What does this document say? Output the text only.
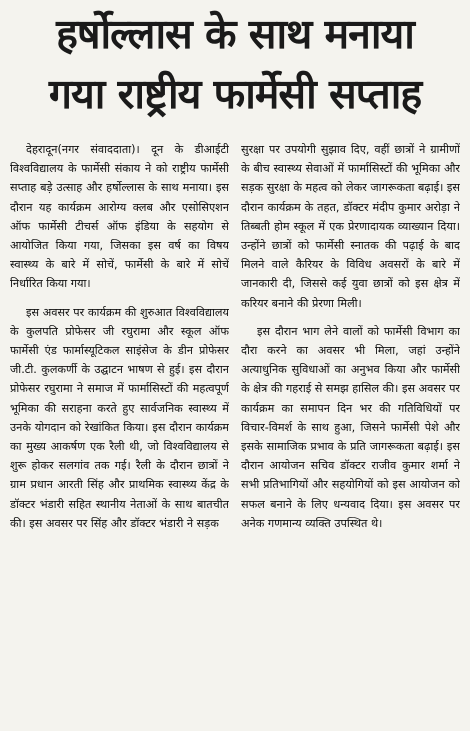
हर्षोल्लास के साथ मनाया
गया राष्ट्रीय फार्मेसी सप्ताह

देहरादून(नगर संवाददाता)। दून के डीआईटी विश्वविद्यालय के फार्मेसी संकाय ने को राष्ट्रीय फार्मेसी सप्ताह बड़े उत्साह और हर्षोल्लास के साथ मनाया। इस दौरान यह कार्यक्रम आरोग्य क्लब और एसोसिएशन ऑफ फार्मेसी टीचर्स ऑफ इंडिया के सहयोग से आयोजित किया गया, जिसका इस वर्ष का विषय स्वास्थ्य के बारे में सोचें, फार्मेसी के बारे में सोचें निर्धारित किया गया।

इस अवसर पर कार्यक्रम की शुरुआत विश्वविद्यालय के कुलपति प्रोफेसर जी रघुरामा और स्कूल ऑफ फार्मेसी एंड फार्मास्यूटिकल साइंसेज के डीन प्रोफेसर जी.टी. कुलकर्णी के उद्घाटन भाषण से हुई। इस दौरान प्रोफेसर रघुरामा ने समाज में फार्मासिस्टों की महत्वपूर्ण भूमिका की सराहना करते हुए सार्वजनिक स्वास्थ्य में उनके योगदान को रेखांकित किया। इस दौरान कार्यक्रम का मुख्य आकर्षण एक रैली थी, जो विश्वविद्यालय से शुरू होकर सलगांव तक गई। रैली के दौरान छात्रों ने ग्राम प्रधान आरती सिंह और प्राथमिक स्वास्थ्य केंद्र के डॉक्टर भंडारी सहित स्थानीय नेताओं के साथ बातचीत की। इस अवसर पर सिंह और डॉक्टर भंडारी ने सड़क

सुरक्षा पर उपयोगी सुझाव दिए, वहीं छात्रों ने ग्रामीणों के बीच स्वास्थ्य सेवाओं में फार्मासिस्टों की भूमिका और सड़क सुरक्षा के महत्व को लेकर जागरूकता बढ़ाई। इस दौरान कार्यक्रम के तहत, डॉक्टर मंदीप कुमार अरोड़ा ने तिब्बती होम स्कूल में एक प्रेरणादायक व्याख्यान दिया। उन्होंने छात्रों को फार्मेसी स्नातक की पढ़ाई के बाद मिलने वाले कैरियर के विविध अवसरों के बारे में जानकारी दी, जिससे कई युवा छात्रों को इस क्षेत्र में करियर बनाने की प्रेरणा मिली।

इस दौरान भाग लेने वालों को फार्मेसी विभाग का दौरा करने का अवसर भी मिला, जहां उन्होंने अत्याधुनिक सुविधाओं का अनुभव किया और फार्मेसी के क्षेत्र की गहराई से समझ हासिल की। इस अवसर पर कार्यक्रम का समापन दिन भर की गतिविधियों पर विचार-विमर्श के साथ हुआ, जिसने फार्मेसी पेशे और इसके सामाजिक प्रभाव के प्रति जागरूकता बढ़ाई। इस दौरान आयोजन सचिव डॉक्टर राजीव कुमार शर्मा ने सभी प्रतिभागियों और सहयोगियों को इस आयोजन को सफल बनाने के लिए धन्यवाद दिया। इस अवसर पर अनेक गणमान्य व्यक्ति उपस्थित थे।
